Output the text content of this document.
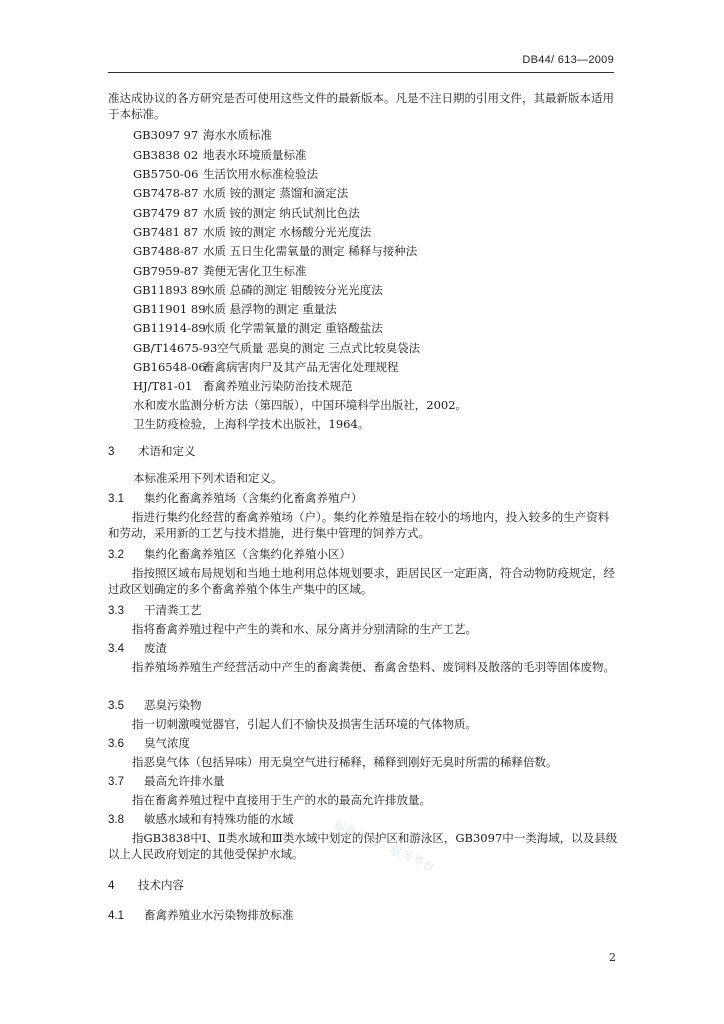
DB44/ 613—2009
准达成协议的各方研究是否可使用这些文件的最新版本。凡是不注日期的引用文件，其最新版本适用于本标准。
GB3097 97 海水水质标准
GB3838 02 地表水环境质量标准
GB5750-06 生活饮用水标准检验法
GB7478-87 水质 铵的测定 蒸馏和滴定法
GB7479 87 水质 铵的测定 纳氏试剂比色法
GB7481 87 水质 铵的测定 水杨酸分光光度法
GB7488-87 水质 五日生化需氧量的测定 稀释与接种法
GB7959-87 粪便无害化卫生标准
GB11893 89水质 总磷的测定 钼酸铵分光光度法
GB11901 89水质 悬浮物的测定 重量法
GB11914-89水质 化学需氧量的测定 重铬酸盐法
GB/T14675-93空气质量 恶臭的测定 三点式比较臭袋法
GB16548-06畜禽病害肉尸及其产品无害化处理规程
HJ/T81-01 畜禽养殖业污染防治技术规范
水和废水监测分析方法（第四版），中国环境科学出版社，2002。
卫生防疫检验，上海科学技术出版社，1964。
3 术语和定义
本标准采用下列术语和定义。
3.1 集约化畜禽养殖场（含集约化畜禽养殖户）
指进行集约化经营的畜禽养殖场（户）。集约化养殖是指在较小的场地内，投入较多的生产资料和劳动，采用新的工艺与技术措施，进行集中管理的饲养方式。
3.2 集约化畜禽养殖区（含集约化养殖小区）
指按照区域布局规划和当地土地利用总体规划要求，距居民区一定距离，符合动物防疫规定，经过政区划确定的多个畜禽养殖个体生产集中的区域。
3.3 干清粪工艺
指将畜禽养殖过程中产生的粪和水、尿分离并分别清除的生产工艺。
3.4 废渣
指养殖场养殖生产经营活动中产生的畜禽粪便、畜禽舍垫料、废饲料及散落的毛羽等固体废物。
3.5 恶臭污染物
指一切刺激嗅觉器官，引起人们不愉快及损害生活环境的气体物质。
3.6 臭气浓度
指恶臭气体（包括异味）用无臭空气进行稀释，稀释到刚好无臭时所需的稀释倍数。
3.7 最高允许排水量
指在畜禽养殖过程中直接用于生产的水的最高允许排放量。
3.8 敏感水域和有特殊功能的水域
指GB3838中Ⅰ、Ⅱ类水域和Ⅲ类水域中划定的保护区和游泳区，GB3097中一类海域，以及县级以上人民政府划定的其他受保护水域。
4 技术内容
4.1 畜禽养殖业水污染物排放标准
标准下载 · 服务平台
2
